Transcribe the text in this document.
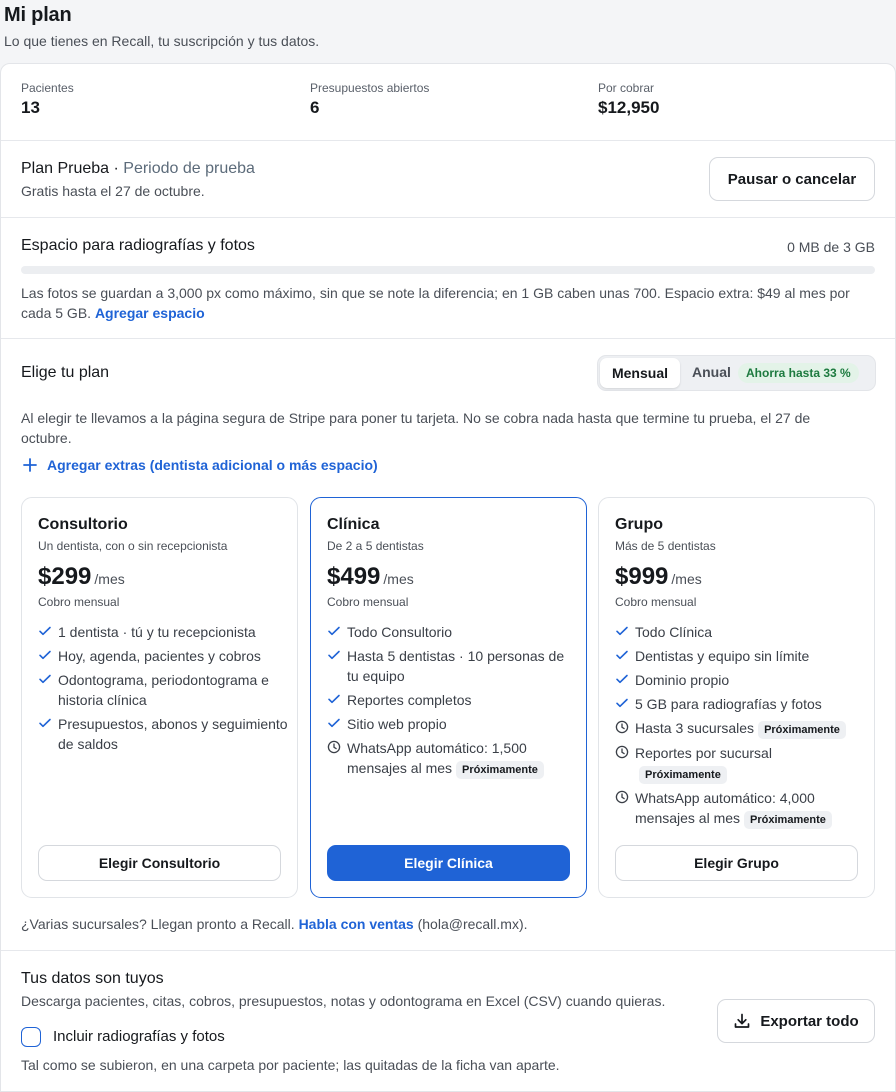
Mi plan
Lo que tienes en Recall, tu suscripción y tus datos.
Pacientes
13
Presupuestos abiertos
6
Por cobrar
$12,950
Plan Prueba · Periodo de prueba
Gratis hasta el 27 de octubre.
Pausar o cancelar
Espacio para radiografías y fotos	0 MB de 3 GB
Las fotos se guardan a 3,000 px como máximo, sin que se note la diferencia; en 1 GB caben unas 700. Espacio extra: $49 al mes por cada 5 GB. Agregar espacio
Elige tu plan	Mensual	Anual	Ahorra hasta 33 %
Al elegir te llevamos a la página segura de Stripe para poner tu tarjeta. No se cobra nada hasta que termine tu prueba, el 27 de octubre.
Agregar extras (dentista adicional o más espacio)
Consultorio
Un dentista, con o sin recepcionista
$299 /mes
Cobro mensual
1 dentista · tú y tu recepcionista
Hoy, agenda, pacientes y cobros
Odontograma, periodontograma e historia clínica
Presupuestos, abonos y seguimiento de saldos
Elegir Consultorio
Clínica
De 2 a 5 dentistas
$499 /mes
Cobro mensual
Todo Consultorio
Hasta 5 dentistas · 10 personas de tu equipo
Reportes completos
Sitio web propio
WhatsApp automático: 1,500 mensajes al mes Próximamente
Elegir Clínica
Grupo
Más de 5 dentistas
$999 /mes
Cobro mensual
Todo Clínica
Dentistas y equipo sin límite
Dominio propio
5 GB para radiografías y fotos
Hasta 3 sucursales Próximamente
Reportes por sucursal
Próximamente
WhatsApp automático: 4,000 mensajes al mes Próximamente
Elegir Grupo
¿Varias sucursales? Llegan pronto a Recall. Habla con ventas (hola@recall.mx).
Tus datos son tuyos
Descarga pacientes, citas, cobros, presupuestos, notas y odontograma en Excel (CSV) cuando quieras.
Incluir radiografías y fotos
Tal como se subieron, en una carpeta por paciente; las quitadas de la ficha van aparte.
Exportar todo
